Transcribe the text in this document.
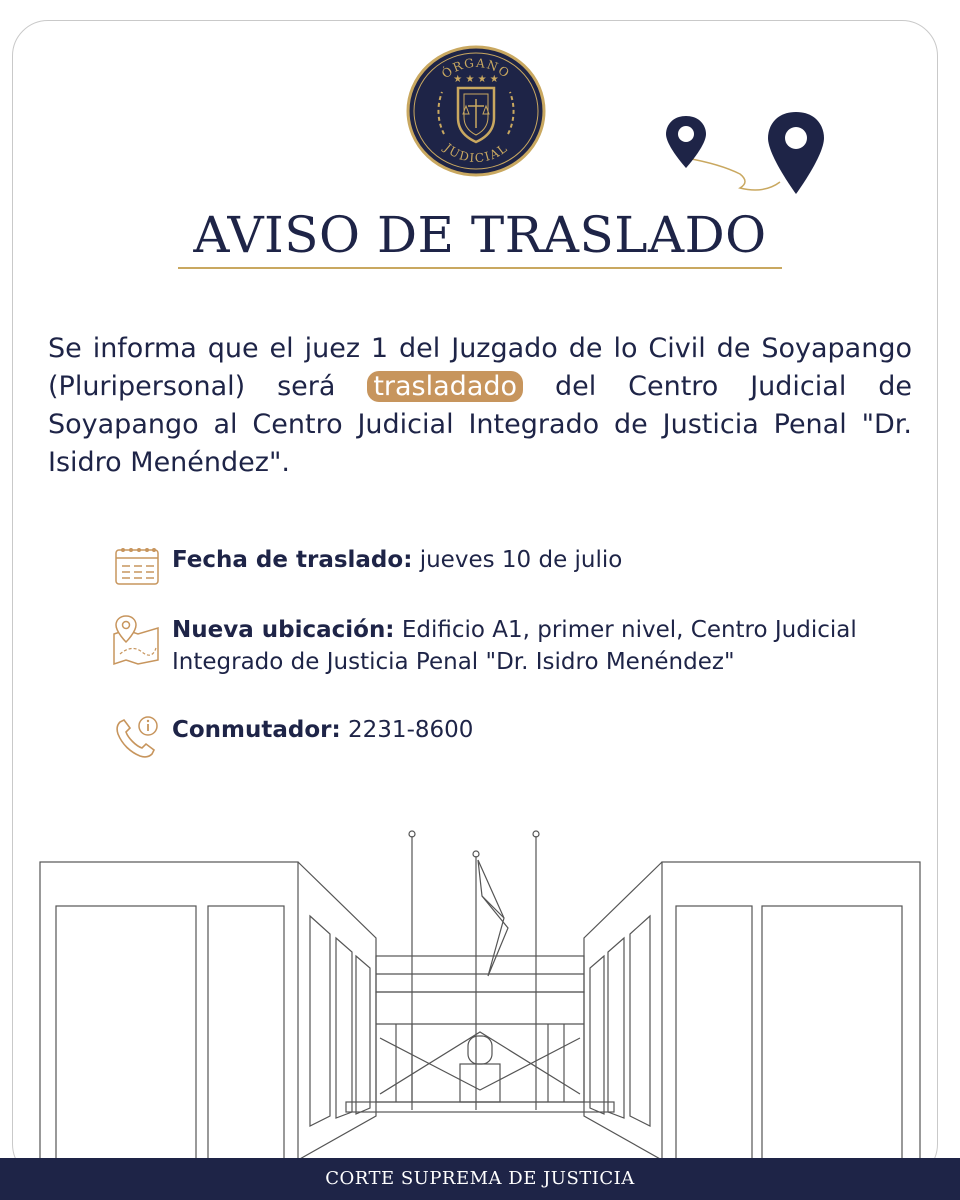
ÓRGANO
JUDICIAL
★ ★ ★ ★
AVISO DE TRASLADO
Se informa que el juez 1 del Juzgado de lo Civil de Soyapango (Pluripersonal) será trasladado del Centro Judicial de Soyapango al Centro Judicial Integrado de Justicia Penal "Dr. Isidro Menéndez".
Fecha de traslado: jueves 10 de julio
Nueva ubicación: Edificio A1, primer nivel, Centro Judicial Integrado de Justicia Penal "Dr. Isidro Menéndez"
Conmutador: 2231-8600
CORTE SUPREMA DE JUSTICIA
